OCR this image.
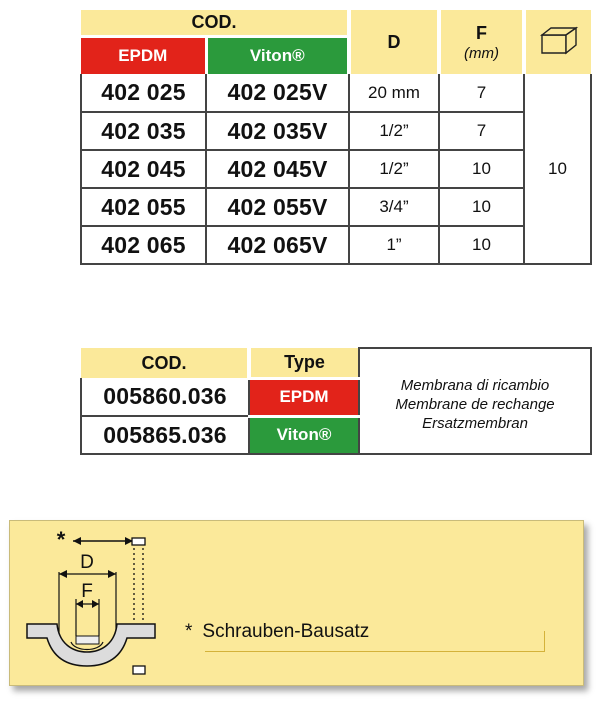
COD.		D	F
(mm)

EPDM	Viton®			
402 025	402 025V	20 mm	7	10
402 035	402 035V	1/2”	7	
402 045	402 045V	1/2”	10	
402 055	402 055V	3/4”	10	
402 065	402 065V	1”	10	
COD.	Type	Membrana di ricambio
Membrane de rechange
Ersatzmembran

005860.036	EPDM	
005865.036	Viton®	
*
D
F
* Schrauben-Bausatz
